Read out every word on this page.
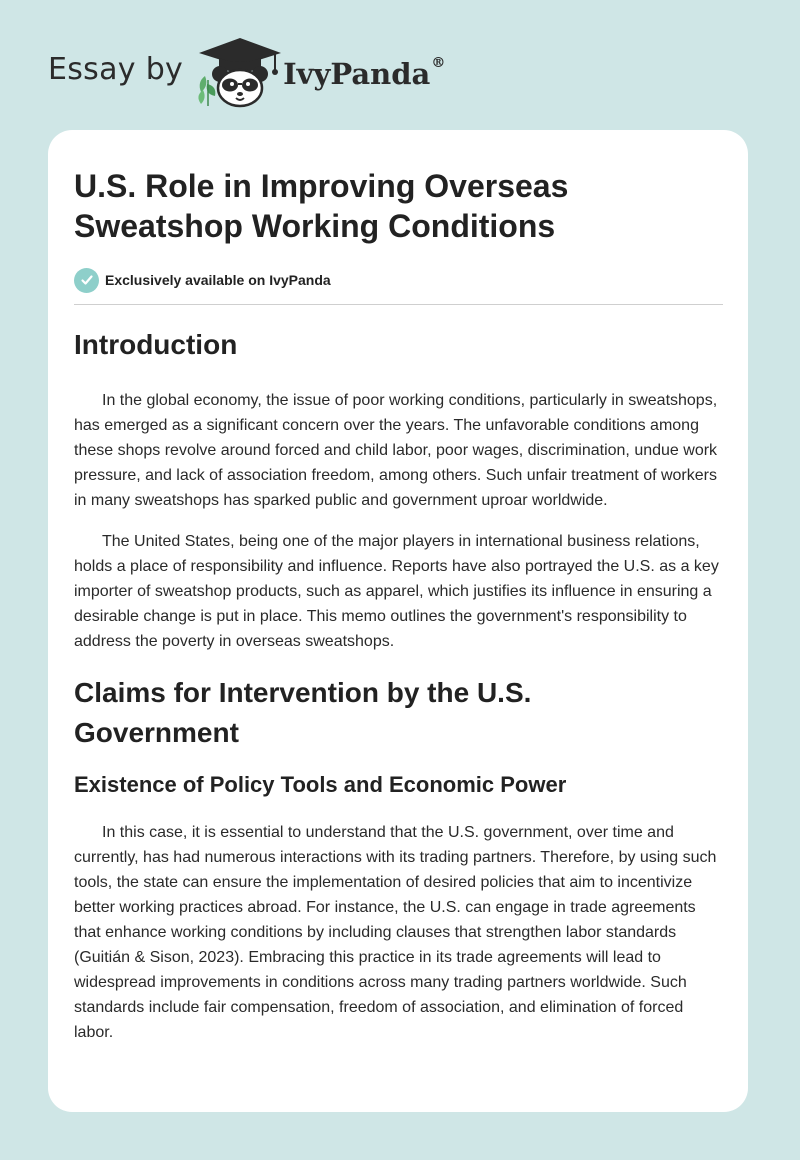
Essay by	IvyPanda®
U.S. Role in Improving Overseas Sweatshop Working Conditions
Exclusively available on IvyPanda
Introduction

In the global economy, the issue of poor working conditions, particularly in sweatshops, has emerged as a significant concern over the years. The unfavorable conditions among these shops revolve around forced and child labor, poor wages, discrimination, undue work pressure, and lack of association freedom, among others. Such unfair treatment of workers in many sweatshops has sparked public and government uproar worldwide.

The United States, being one of the major players in international business relations, holds a place of responsibility and influence. Reports have also portrayed the U.S. as a key importer of sweatshop products, such as apparel, which justifies its influence in ensuring a desirable change is put in place. This memo outlines the government's responsibility to address the poverty in overseas sweatshops.

Claims for Intervention by the U.S. Government
Existence of Policy Tools and Economic Power

In this case, it is essential to understand that the U.S. government, over time and currently, has had numerous interactions with its trading partners. Therefore, by using such tools, the state can ensure the implementation of desired policies that aim to incentivize better working practices abroad. For instance, the U.S. can engage in trade agreements that enhance working conditions by including clauses that strengthen labor standards (Guitián & Sison, 2023). Embracing this practice in its trade agreements will lead to widespread improvements in conditions across many trading partners worldwide. Such standards include fair compensation, freedom of association, and elimination of forced labor.
